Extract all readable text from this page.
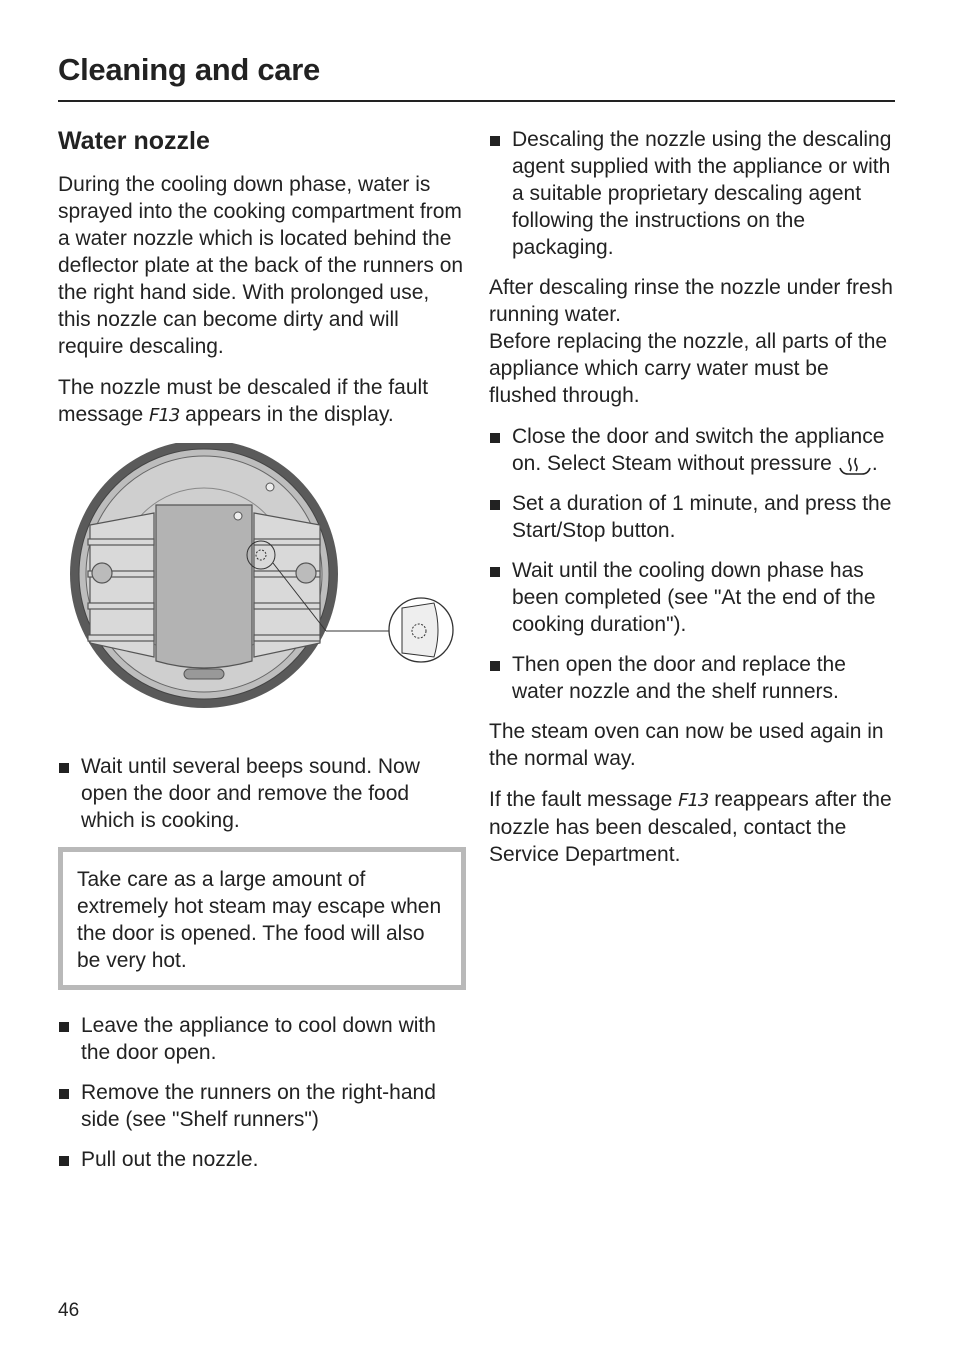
Cleaning and care
Water nozzle

During the cooling down phase, water is sprayed into the cooking compartment from a water nozzle which is located behind the deflector plate at the back of the runners on the right hand side. With prolonged use, this nozzle can become dirty and will require descaling.

The nozzle must be descaled if the fault message F13 appears in the display.

Wait until several beeps sound. Now open the door and remove the food which is cooking.
Take care as a large amount of extremely hot steam may escape when the door is opened. The food will also be very hot.
Leave the appliance to cool down with the door open.
Remove the runners on the right-hand side (see "Shelf runners")
Pull out the nozzle.
Descaling the nozzle using the descaling agent supplied with the appliance or with a suitable proprietary descaling agent following the instructions on the packaging.

After descaling rinse the nozzle under fresh running water.

Before replacing the nozzle, all parts of the appliance which carry water must be flushed through.

Close the door and switch the appliance on. Select Steam without pressure .
Set a duration of 1 minute, and press the Start/Stop button.
Wait until the cooling down phase has been completed (see "At the end of the cooking duration").
Then open the door and replace the water nozzle and the shelf runners.

The steam oven can now be used again in the normal way.

If the fault message F13 reappears after the nozzle has been descaled, contact the Service Department.

46
